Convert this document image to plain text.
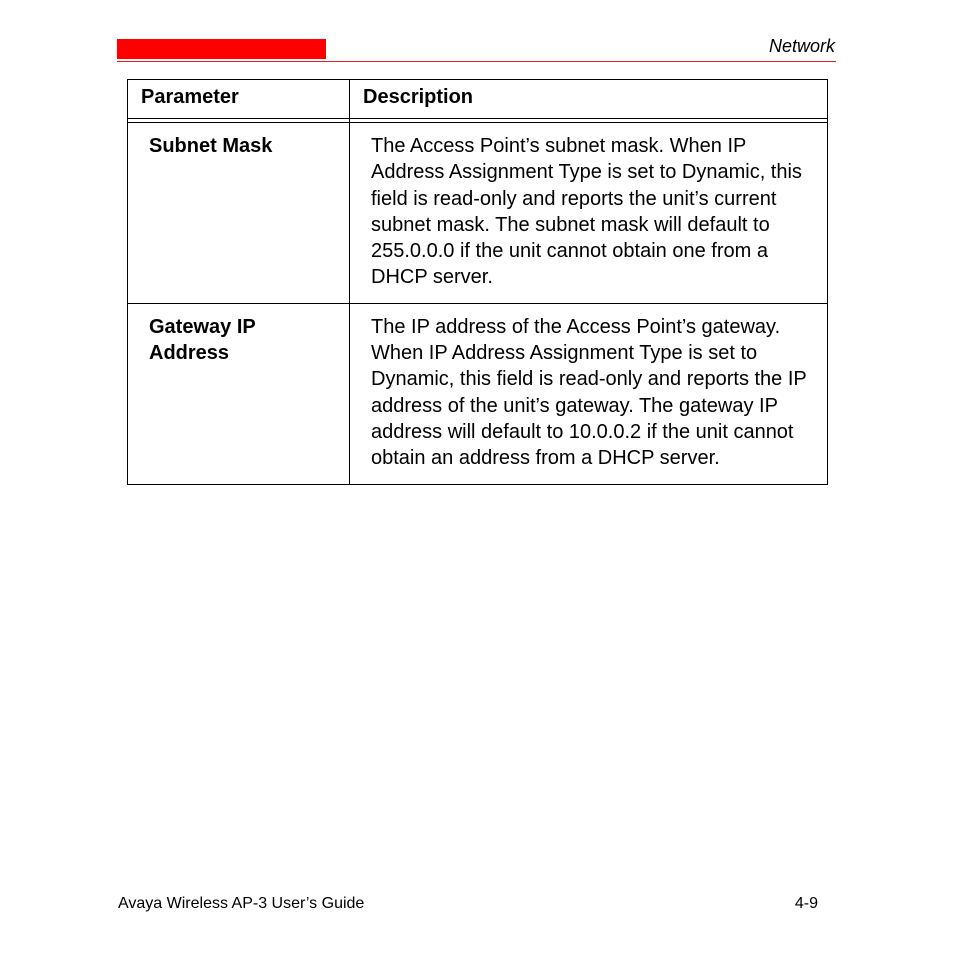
Network
Parameter	Description

Subnet Mask	The Access Point’s subnet mask. When IP Address Assignment Type is set to Dynamic, this field is read-only and reports the unit’s current subnet mask. The subnet mask will default to 255.0.0.0 if the unit cannot obtain one from a DHCP server.
Gateway IP Address	The IP address of the Access Point’s gateway. When IP Address Assignment Type is set to Dynamic, this field is read-only and reports the IP address of the unit’s gateway. The gateway IP address will default to 10.0.0.2 if the unit cannot obtain an address from a DHCP server.
Avaya Wireless AP-3 User’s Guide	4-9
